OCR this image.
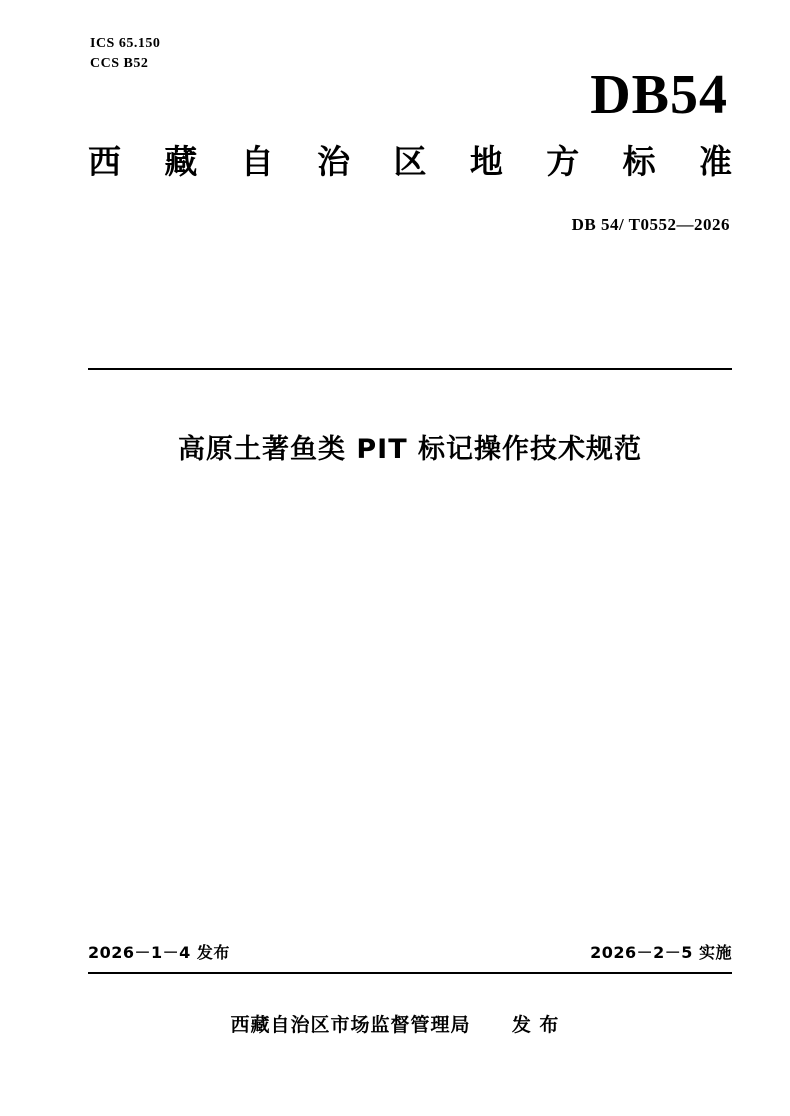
ICS 65.150
CCS B52
DB54
西 藏 自 治 区 地 方 标 准
DB 54/ T0552—2026
高原土著鱼类 PIT 标记操作技术规范
2026－1－4 发布	2026－2－5 实施
西藏自治区市场监督管理局 发 布
